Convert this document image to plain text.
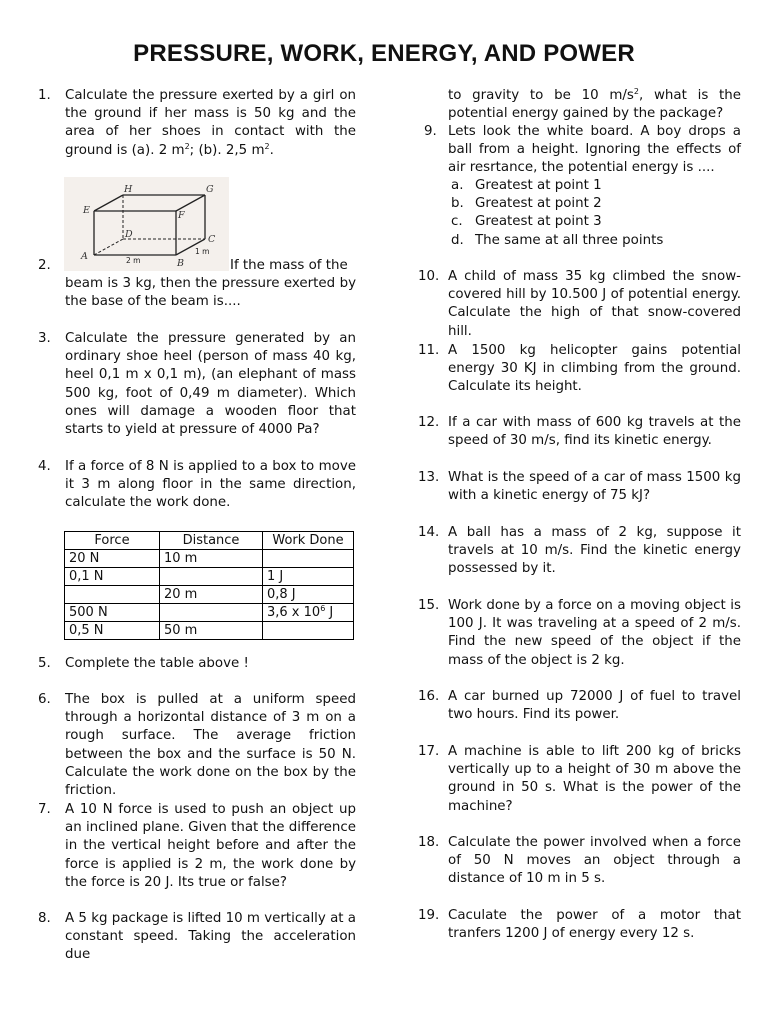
PRESSURE, WORK, ENERGY, AND POWER
1. Calculate the pressure exerted by a girl on the ground if her mass is 50 kg and the area of her shoes in contact with the ground is (a). 2 $m^2$; (b). 2,5 $m^2$.
H	G
E	F
D	C
A
B
2 m
1 m
If the mass of the
2.
beam is 3 kg, then the pressure exerted by the base of the beam is....
3. Calculate the pressure generated by an ordinary shoe heel (person of mass 40 kg, heel 0,1 m x 0,1 m), (an elephant of mass 500 kg, foot of 0,49 m diameter). Which ones will damage a wooden floor that starts to yield at pressure of 4000 Pa?
4. If a force of 8 N is applied to a box to move it 3 m along floor in the same direction, calculate the work done.
Force	Distance	Work Done
20 N	10 m	
0,1 N		1 J
	20 m	0,8 J
500 N		3,6 x $10^6$ J
0,5 N	50 m	
5. Complete the table above !
6. The box is pulled at a uniform speed through a horizontal distance of 3 m on a rough surface. The average friction between the box and the surface is 50 N. Calculate the work done on the box by the friction.
7. A 10 N force is used to push an object up an inclined plane. Given that the difference in the vertical height before and after the force is applied is 2 m, the work done by the force is 20 J. Its true or false?
8. A 5 kg package is lifted 10 m vertically at a constant speed. Taking the acceleration due
to gravity to be 10 $m/s^2$, what is the potential energy gained by the package?
9. Lets look the white board. A boy drops a ball from a height. Ignoring the effects of air resrtance, the potential energy is ....
a. Greatest at point 1
b. Greatest at point 2
c. Greatest at point 3
d. The same at all three points
10. A child of mass 35 kg climbed the snow-covered hill by 10.500 J of potential energy. Calculate the high of that snow-covered hill.
11. A 1500 kg helicopter gains potential energy 30 KJ in climbing from the ground. Calculate its height.
12. If a car with mass of 600 kg travels at the speed of 30 m/s, find its kinetic energy.
13. What is the speed of a car of mass 1500 kg with a kinetic energy of 75 kJ?
14. A ball has a mass of 2 kg, suppose it travels at 10 m/s. Find the kinetic energy possessed by it.
15. Work done by a force on a moving object is 100 J. It was traveling at a speed of 2 m/s. Find the new speed of the object if the mass of the object is 2 kg.
16. A car burned up 72000 J of fuel to travel two hours. Find its power.
17. A machine is able to lift 200 kg of bricks vertically up to a height of 30 m above the ground in 50 s. What is the power of the machine?
18. Calculate the power involved when a force of 50 N moves an object through a distance of 10 m in 5 s.
19. Caculate the power of a motor that tranfers 1200 J of energy every 12 s.
